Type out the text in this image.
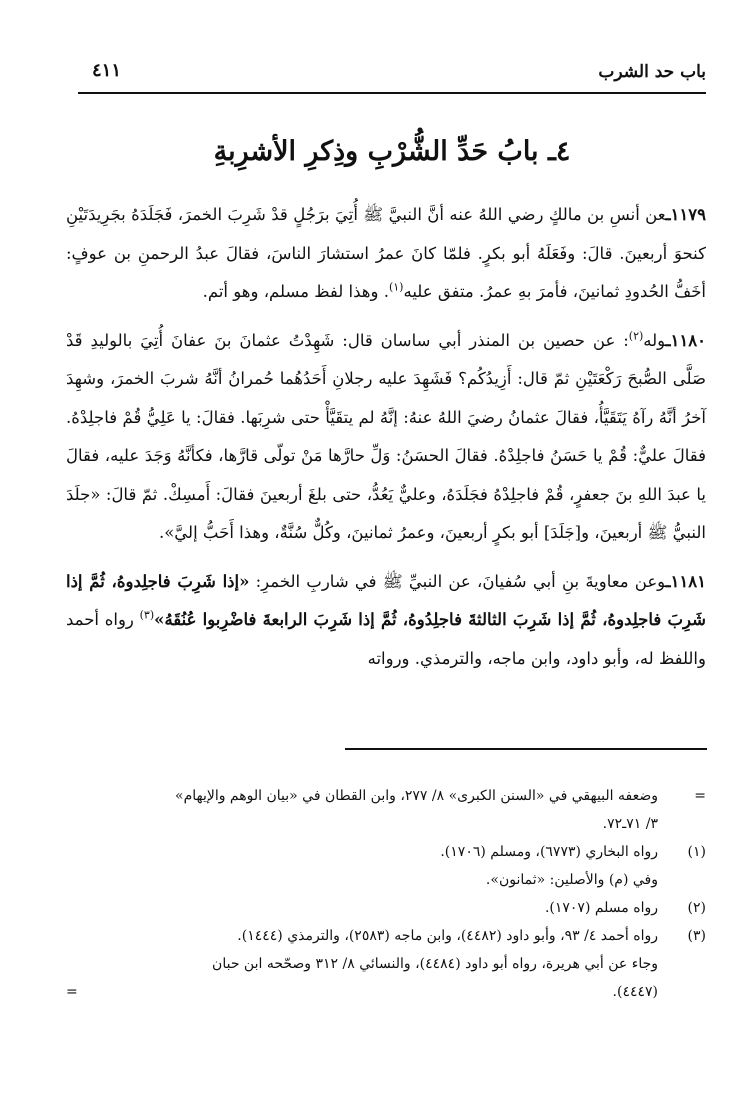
باب حد الشرب
٤١١
٤ـ بابُ حَدِّ الشُّرْبِ وذِكرِ الأشرِبةِ

١١٧٩ـعن أنسِ بن مالكٍ رضي اللهُ عنه أنَّ النبيَّ ﷺ أُتِيَ برَجُلٍ قدْ شَرِبَ الخمرَ، فَجَلَدَهُ بجَرِيدَتَيْنِ كنحوَ أربعينَ. قالَ: وفَعَلَهُ أبو بكرٍ. فلمّا كانَ عمرُ استشارَ الناسَ، فقالَ عبدُ الرحمنِ بن عوفٍ: أخَفُّ الحُدودِ ثمانينَ، فأمرَ بهِ عمرُ. متفق عليه$^{(١)}$. وهذا لفظ مسلم، وهو أتم.

١١٨٠ـوله$^{(٢)}$: عن حصين بن المنذر أبي ساسان قال: شَهِدْتُ عثمانَ بنَ عفانَ أُتِيَ بالوليدِ قَدْ صَلَّى الصُّبحَ رَكْعَتَيْنِ ثمّ قال: أَزِيدُكُم؟ فَشَهِدَ عليه رجلانِ أَحَدُهُما حُمرانُ أنَّهُ شربَ الخمرَ، وشهِدَ آخرُ أنَّهُ رآهُ يَتَقَيَّأُ، فقالَ عثمانُ رضيَ اللهُ عنهُ: إنَّهُ لم يتقَيَّأْ حتى شرِبَها. فقالَ: يا عَلِيُّ قُمْ فاجلِدْهُ. فقالَ عليٌّ: قُمْ يا حَسَنُ فاجلِدْهُ. فقالَ الحسَنُ: وَلِّ حارَّها مَنْ تولّى قارَّها، فكأنَّهُ وَجَدَ عليه، فقالَ يا عبدَ اللهِ بنَ جعفرٍ، قُمْ فاجلِدْهُ فجَلَدَهُ، وعليٌّ يَعُدُّ، حتى بلغَ أربعينَ فقالَ: أَمسِكْ. ثمّ قالَ: «جلَدَ النبيُّ ﷺ أربعينَ، و[جَلَدَ] أبو بكرٍ أربعينَ، وعمرُ ثمانينَ، وكُلٌّ سُنَّةٌ، وهذا أَحَبُّ إليَّ».

١١٨١ـوعن معاويةَ بنِ أبي سُفيانَ، عن النبيِّ ﷺ في شاربِ الخمرِ: «إذا شَرِبَ فاجلِدوهُ، ثُمَّ إذا شَرِبَ فاجلِدوهُ، ثُمَّ إذا شَرِبَ الثالثةَ فاجلِدُوهُ، ثُمَّ إذا شَرِبَ الرابعةَ فاضْرِبوا عُنُقَهُ»$^{(٣)}$ رواه أحمد واللفظ له، وأبو داود، وابن ماجه، والترمذي. ورواته

=
وضعفه البيهقي في «السنن الكبرى» ٨/ ٢٧٧، وابن القطان في «بيان الوهم والإيهام»
٣/ ٧١ـ٧٢.
(١)
رواه البخاري (٦٧٧٣)، ومسلم (١٧٠٦).
وفي (م) والأصلين: «ثمانون».
(٢)
رواه مسلم (١٧٠٧).
(٣)
رواه أحمد ٤/ ٩٣، وأبو داود (٤٤٨٢)، وابن ماجه (٢٥٨٣)، والترمذي (١٤٤٤).
وجاء عن أبي هريرة، رواه أبو داود (٤٤٨٤)، والنسائي ٨/ ٣١٢ وصحّحه ابن حبان
=	(٤٤٤٧).
